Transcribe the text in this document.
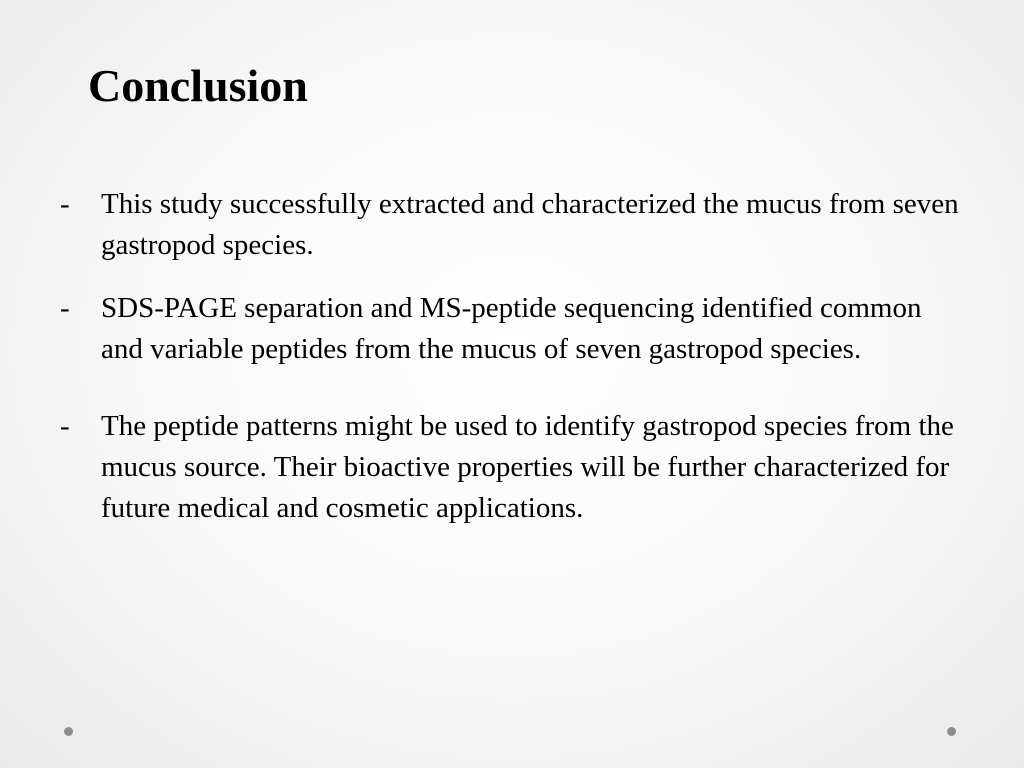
Conclusion
-	This study successfully extracted and characterized the mucus from seven gastropod species.
-	SDS-PAGE separation and MS-peptide sequencing identified common and variable peptides from the mucus of seven gastropod species.
-	The peptide patterns might be used to identify gastropod species from the mucus source. Their bioactive properties will be further characterized for future medical and cosmetic applications.
